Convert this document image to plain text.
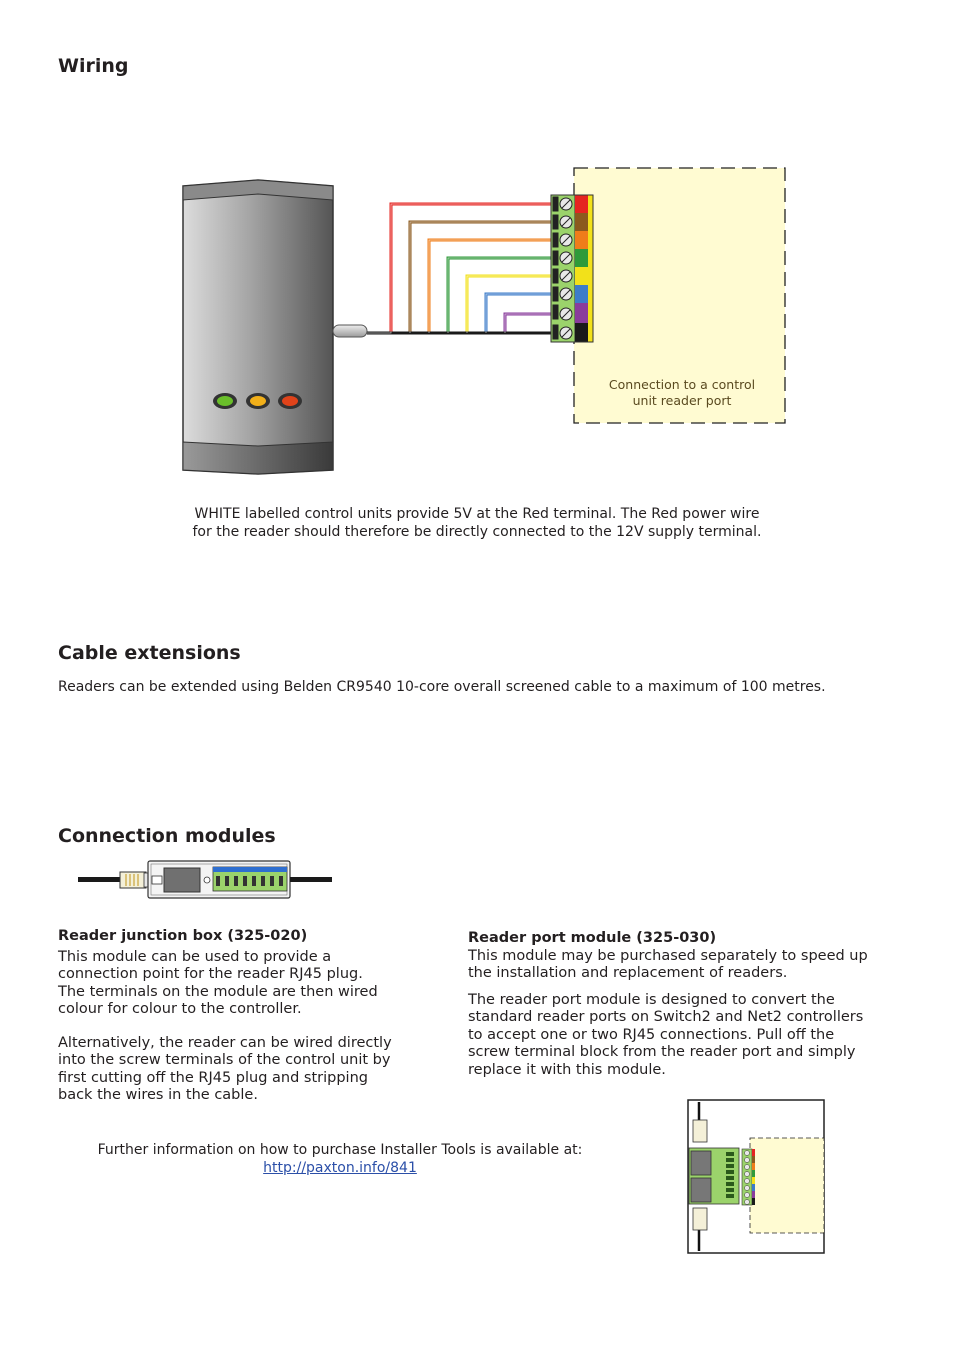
Wiring
Connection to a control
unit reader port
WHITE labelled control units provide 5V at the Red terminal. The Red power wire
for the reader should therefore be directly connected to the 12V supply terminal.
Cable extensions
Readers can be extended using Belden CR9540 10-core overall screened cable to a maximum of 100 metres.
Connection modules
Reader junction box (325-020)
This module can be used to provide a
connection point for the reader RJ45 plug.
The terminals on the module are then wired
colour for colour to the controller.
Alternatively, the reader can be wired directly
into the screw terminals of the control unit by
first cutting off the RJ45 plug and stripping
back the wires in the cable.
Reader port module (325-030)
This module may be purchased separately to speed up
the installation and replacement of readers.
The reader port module is designed to convert the
standard reader ports on Switch2 and Net2 controllers
to accept one or two RJ45 connections. Pull off the
screw terminal block from the reader port and simply
replace it with this module.
Further information on how to purchase Installer Tools is available at:
http://paxton.info/841
